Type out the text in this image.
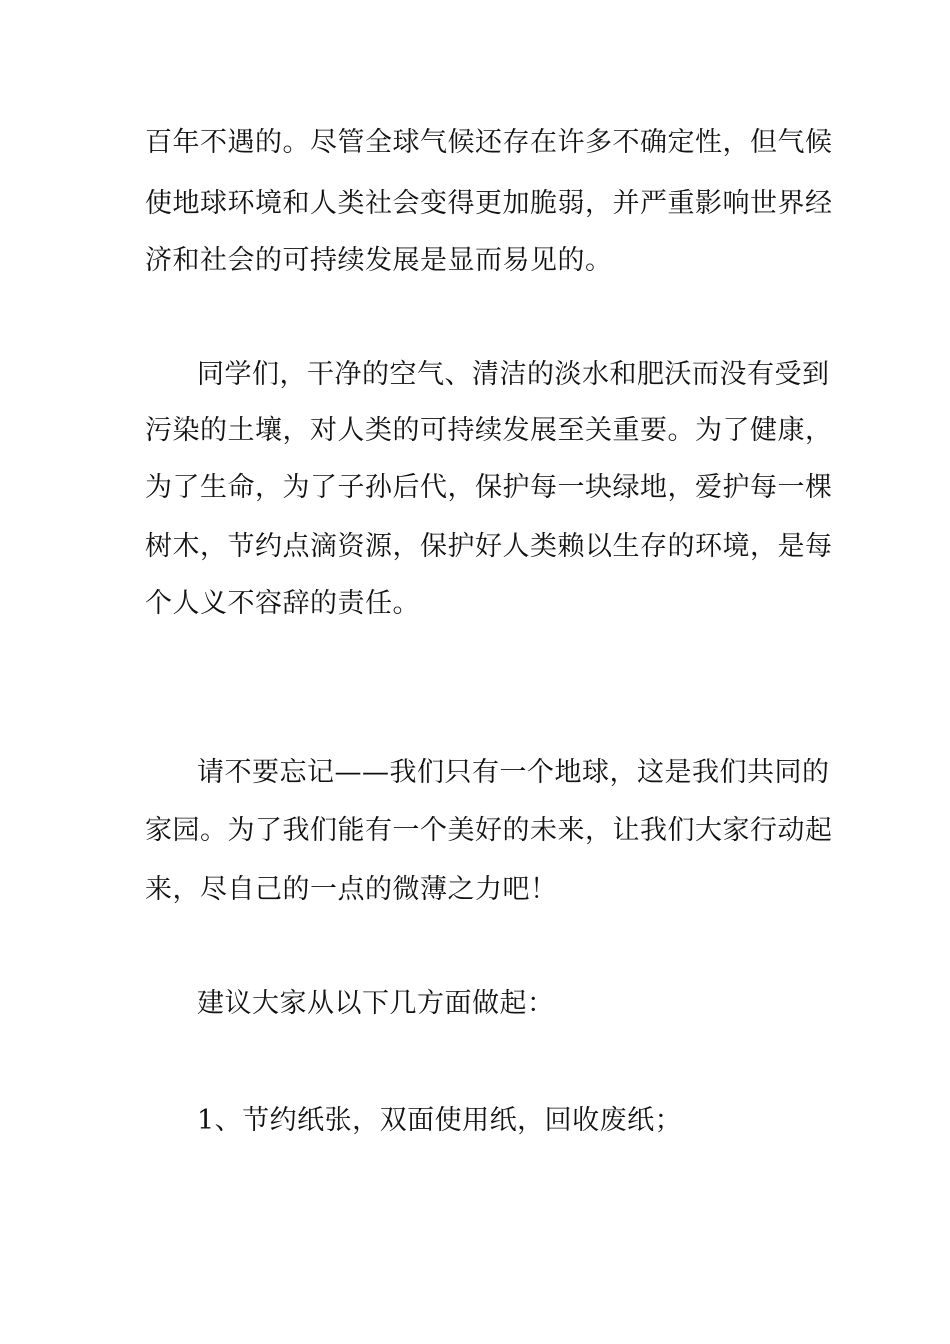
百年不遇的。尽管全球气候还存在许多不确定性，但气候
使地球环境和人类社会变得更加脆弱，并严重影响世界经
济和社会的可持续发展是显而易见的。
同学们，干净的空气、清洁的淡水和肥沃而没有受到
污染的土壤，对人类的可持续发展至关重要。为了健康，
为了生命，为了子孙后代，保护每一块绿地，爱护每一棵
树木，节约点滴资源，保护好人类赖以生存的环境，是每
个人义不容辞的责任。
请不要忘记——我们只有一个地球，这是我们共同的
家园。为了我们能有一个美好的未来，让我们大家行动起
来，尽自己的一点的微薄之力吧！
建议大家从以下几方面做起：
1、节约纸张，双面使用纸，回收废纸；
